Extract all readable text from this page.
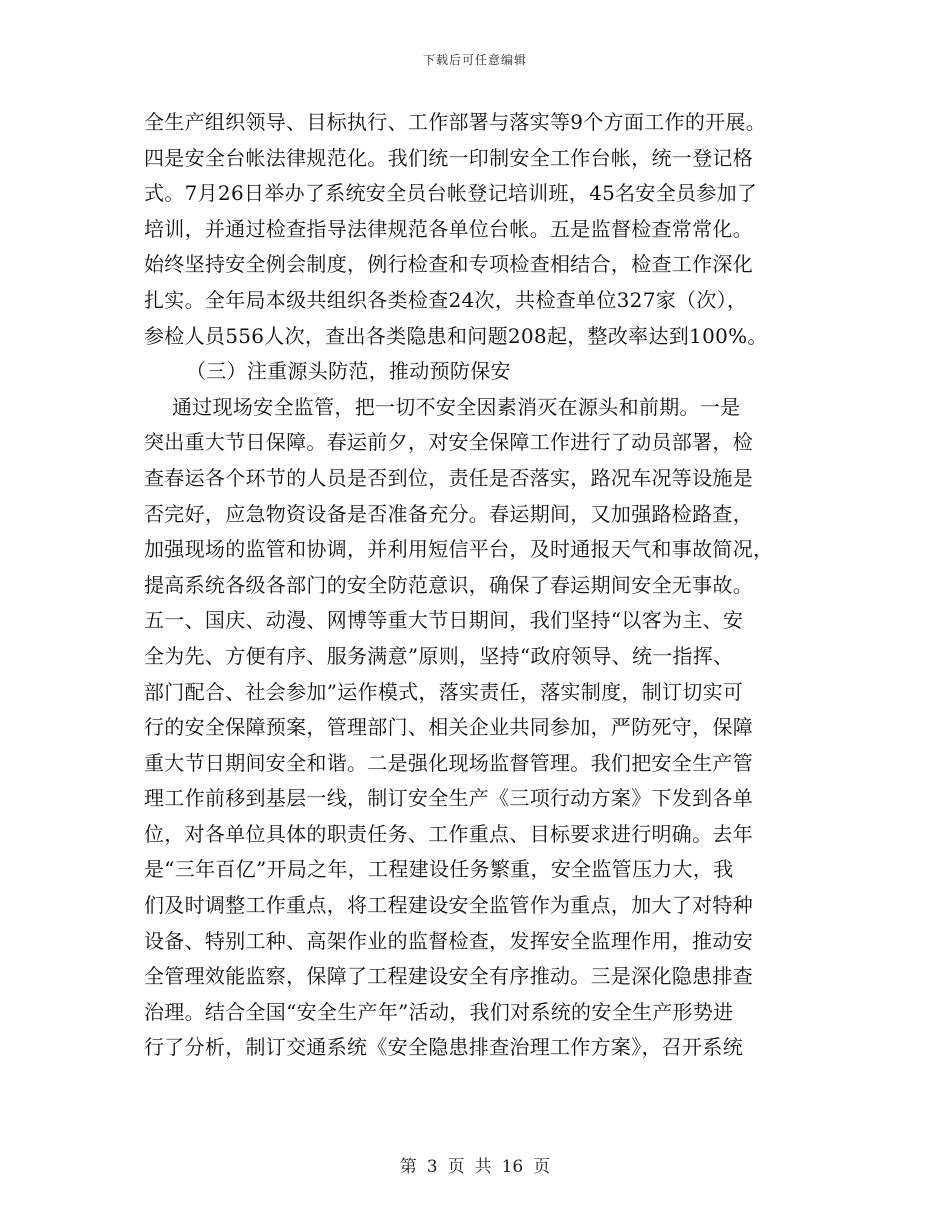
下载后可任意编辑
全生产组织领导、目标执行、工作部署与落实等9个方面工作的开展。
四是安全台帐法律规范化。我们统一印制安全工作台帐，统一登记格
式。7月26日举办了系统安全员台帐登记培训班，45名安全员参加了
培训，并通过检查指导法律规范各单位台帐。五是监督检查常常化。
始终坚持安全例会制度，例行检查和专项检查相结合，检查工作深化
扎实。全年局本级共组织各类检查24次，共检查单位327家（次），
参检人员556人次，查出各类隐患和问题208起，整改率达到100%。
（三）注重源头防范，推动预防保安
通过现场安全监管，把一切不安全因素消灭在源头和前期。一是
突出重大节日保障。春运前夕，对安全保障工作进行了动员部署，检
查春运各个环节的人员是否到位，责任是否落实，路况车况等设施是
否完好，应急物资设备是否准备充分。春运期间，又加强路检路查，
加强现场的监管和协调，并利用短信平台，及时通报天气和事故简况，
提高系统各级各部门的安全防范意识，确保了春运期间安全无事故。
五一、国庆、动漫、网博等重大节日期间，我们坚持“以客为主、安
全为先、方便有序、服务满意”原则，坚持“政府领导、统一指挥、
部门配合、社会参加”运作模式，落实责任，落实制度，制订切实可
行的安全保障预案，管理部门、相关企业共同参加，严防死守，保障
重大节日期间安全和谐。二是强化现场监督管理。我们把安全生产管
理工作前移到基层一线，制订安全生产《三项行动方案》下发到各单
位，对各单位具体的职责任务、工作重点、目标要求进行明确。去年
是“三年百亿”开局之年，工程建设任务繁重，安全监管压力大，我
们及时调整工作重点，将工程建设安全监管作为重点，加大了对特种
设备、特别工种、高架作业的监督检查，发挥安全监理作用，推动安
全管理效能监察，保障了工程建设安全有序推动。三是深化隐患排查
治理。结合全国“安全生产年”活动，我们对系统的安全生产形势进
行了分析，制订交通系统《安全隐患排查治理工作方案》，召开系统
第 3 页 共 16 页
